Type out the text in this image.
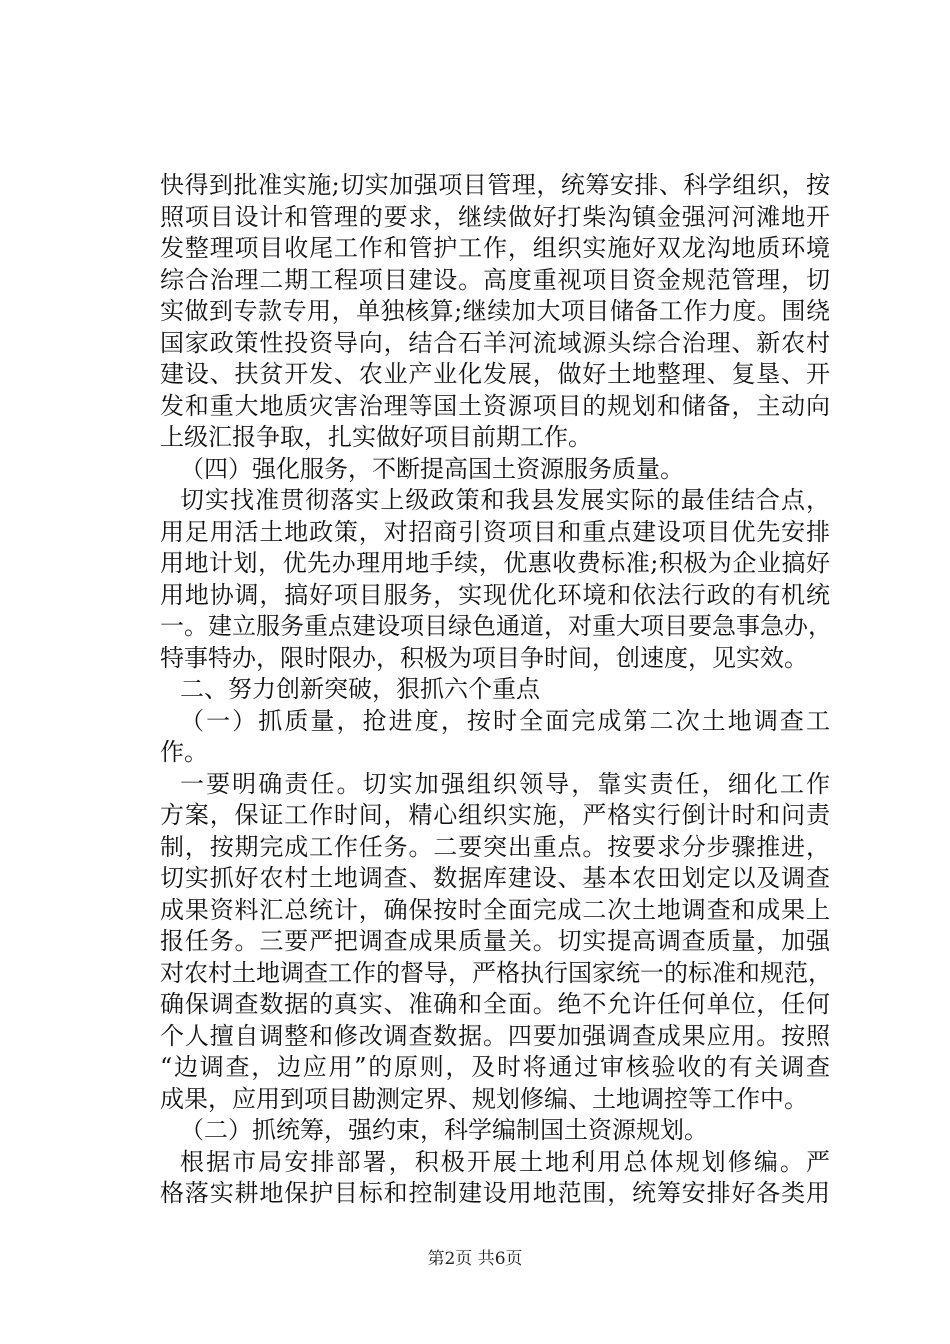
快得到批准实施;切实加强项目管理，统筹安排、科学组织，按
照项目设计和管理的要求，继续做好打柴沟镇金强河河滩地开
发整理项目收尾工作和管护工作，组织实施好双龙沟地质环境
综合治理二期工程项目建设。高度重视项目资金规范管理，切
实做到专款专用，单独核算;继续加大项目储备工作力度。围绕
国家政策性投资导向，结合石羊河流域源头综合治理、新农村
建设、扶贫开发、农业产业化发展，做好土地整理、复垦、开
发和重大地质灾害治理等国土资源项目的规划和储备，主动向
上级汇报争取，扎实做好项目前期工作。
（四）强化服务，不断提高国土资源服务质量。
切实找准贯彻落实上级政策和我县发展实际的最佳结合点，
用足用活土地政策，对招商引资项目和重点建设项目优先安排
用地计划，优先办理用地手续，优惠收费标准;积极为企业搞好
用地协调，搞好项目服务，实现优化环境和依法行政的有机统
一。建立服务重点建设项目绿色通道，对重大项目要急事急办，
特事特办，限时限办，积极为项目争时间，创速度，见实效。
二、努力创新突破，狠抓六个重点
（一）抓质量，抢进度，按时全面完成第二次土地调查工
作。
一要明确责任。切实加强组织领导，靠实责任，细化工作
方案，保证工作时间，精心组织实施，严格实行倒计时和问责
制，按期完成工作任务。二要突出重点。按要求分步骤推进，
切实抓好农村土地调查、数据库建设、基本农田划定以及调查
成果资料汇总统计，确保按时全面完成二次土地调查和成果上
报任务。三要严把调查成果质量关。切实提高调查质量，加强
对农村土地调查工作的督导，严格执行国家统一的标准和规范，
确保调查数据的真实、准确和全面。绝不允许任何单位，任何
个人擅自调整和修改调查数据。四要加强调查成果应用。按照
“边调查，边应用”的原则，及时将通过审核验收的有关调查
成果，应用到项目勘测定界、规划修编、土地调控等工作中。
（二）抓统筹，强约束，科学编制国土资源规划。
根据市局安排部署，积极开展土地利用总体规划修编。严
格落实耕地保护目标和控制建设用地范围，统筹安排好各类用
第2页 共6页
